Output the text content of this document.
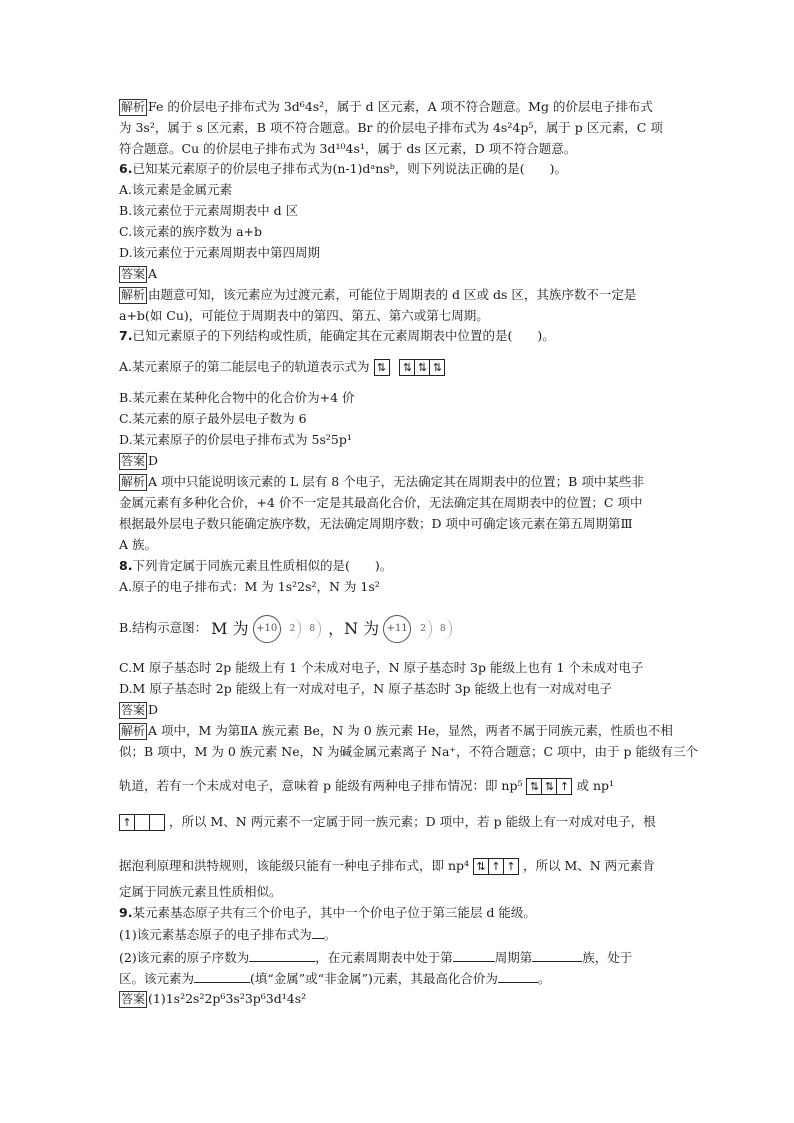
解析 Fe 的价层电子排布式为 3d⁶4s²，属于 d 区元素，A 项不符合题意。Mg 的价层电子排布式
为 3s²，属于 s 区元素，B 项不符合题意。Br 的价层电子排布式为 4s²4p⁵，属于 p 区元素，C 项
符合题意。Cu 的价层电子排布式为 3d¹⁰4s¹，属于 ds 区元素，D 项不符合题意。
6.已知某元素原子的价层电子排布式为(n-1)dᵃnsᵇ，则下列说法正确的是(　　)。
A.该元素是金属元素
B.该元素位于元素周期表中 d 区
C.该元素的族序数为 a+b
D.该元素位于元素周期表中第四周期
答案 A
解析 由题意可知，该元素应为过渡元素，可能位于周期表的 d 区或 ds 区，其族序数不一定是
a+b(如 Cu)，可能位于周期表中的第四、第五、第六或第七周期。
7.已知元素原子的下列结构或性质，能确定其在元素周期表中位置的是(　　)。
A.某元素原子的第二能层电子的轨道表示式为 ⇅
	⇅ ⇅ ⇅
B.某元素在某种化合物中的化合价为+4 价
C.某元素的原子最外层电子数为 6
D.某元素原子的价层电子排布式为 5s²5p¹
答案 D
解析 A 项中只能说明该元素的 L 层有 8 个电子，无法确定其在周期表中的位置；B 项中某些非
金属元素有多种化合价，+4 价不一定是其最高化合价，无法确定其在周期表中的位置；C 项中
根据最外层电子数只能确定族序数，无法确定周期序数；D 项中可确定该元素在第五周期第Ⅲ
A 族。
8.下列肯定属于同族元素且性质相似的是(　　)。
A.原子的电子排布式：M 为 1s²2s²，N 为 1s²
B.结构示意图： M 为 +10	2	8
，N 为 +11	2	8
C.M 原子基态时 2p 能级上有 1 个未成对电子，N 原子基态时 3p 能级上也有 1 个未成对电子
D.M 原子基态时 2p 能级上有一对成对电子，N 原子基态时 3p 能级上也有一对成对电子
答案 D
解析 A 项中，M 为第ⅡA 族元素 Be，N 为 0 族元素 He，显然，两者不属于同族元素，性质也不相
似；B 项中，M 为 0 族元素 Ne，N 为碱金属元素离子 Na⁺，不符合题意；C 项中，由于 p 能级有三个
轨道，若有一个未成对电子，意味着 p 能级有两种电子排布情况：即 np⁵ ⇅ ⇅ ↑ 或 np¹
↑	，所以 M、N 两元素不一定属于同一族元素；D 项中，若 p 能级上有一对成对电子，根
据泡利原理和洪特规则，该能级只能有一种电子排布式，即 np⁴ ⇅ ↑ ↑ ，所以 M、N 两元素肯
定属于同族元素且性质相似。
9.某元素基态原子共有三个价电子，其中一个价电子位于第三能层 d 能级。
(1)该元素基态原子的电子排布式为 。
(2)该元素的原子序数为	，在元素周期表中处于第	周期第	族，处于
区。该元素为	(填“金属”或“非金属”)元素，其最高化合价为	。
答案 (1)1s²2s²2p⁶3s²3p⁶3d¹4s²
